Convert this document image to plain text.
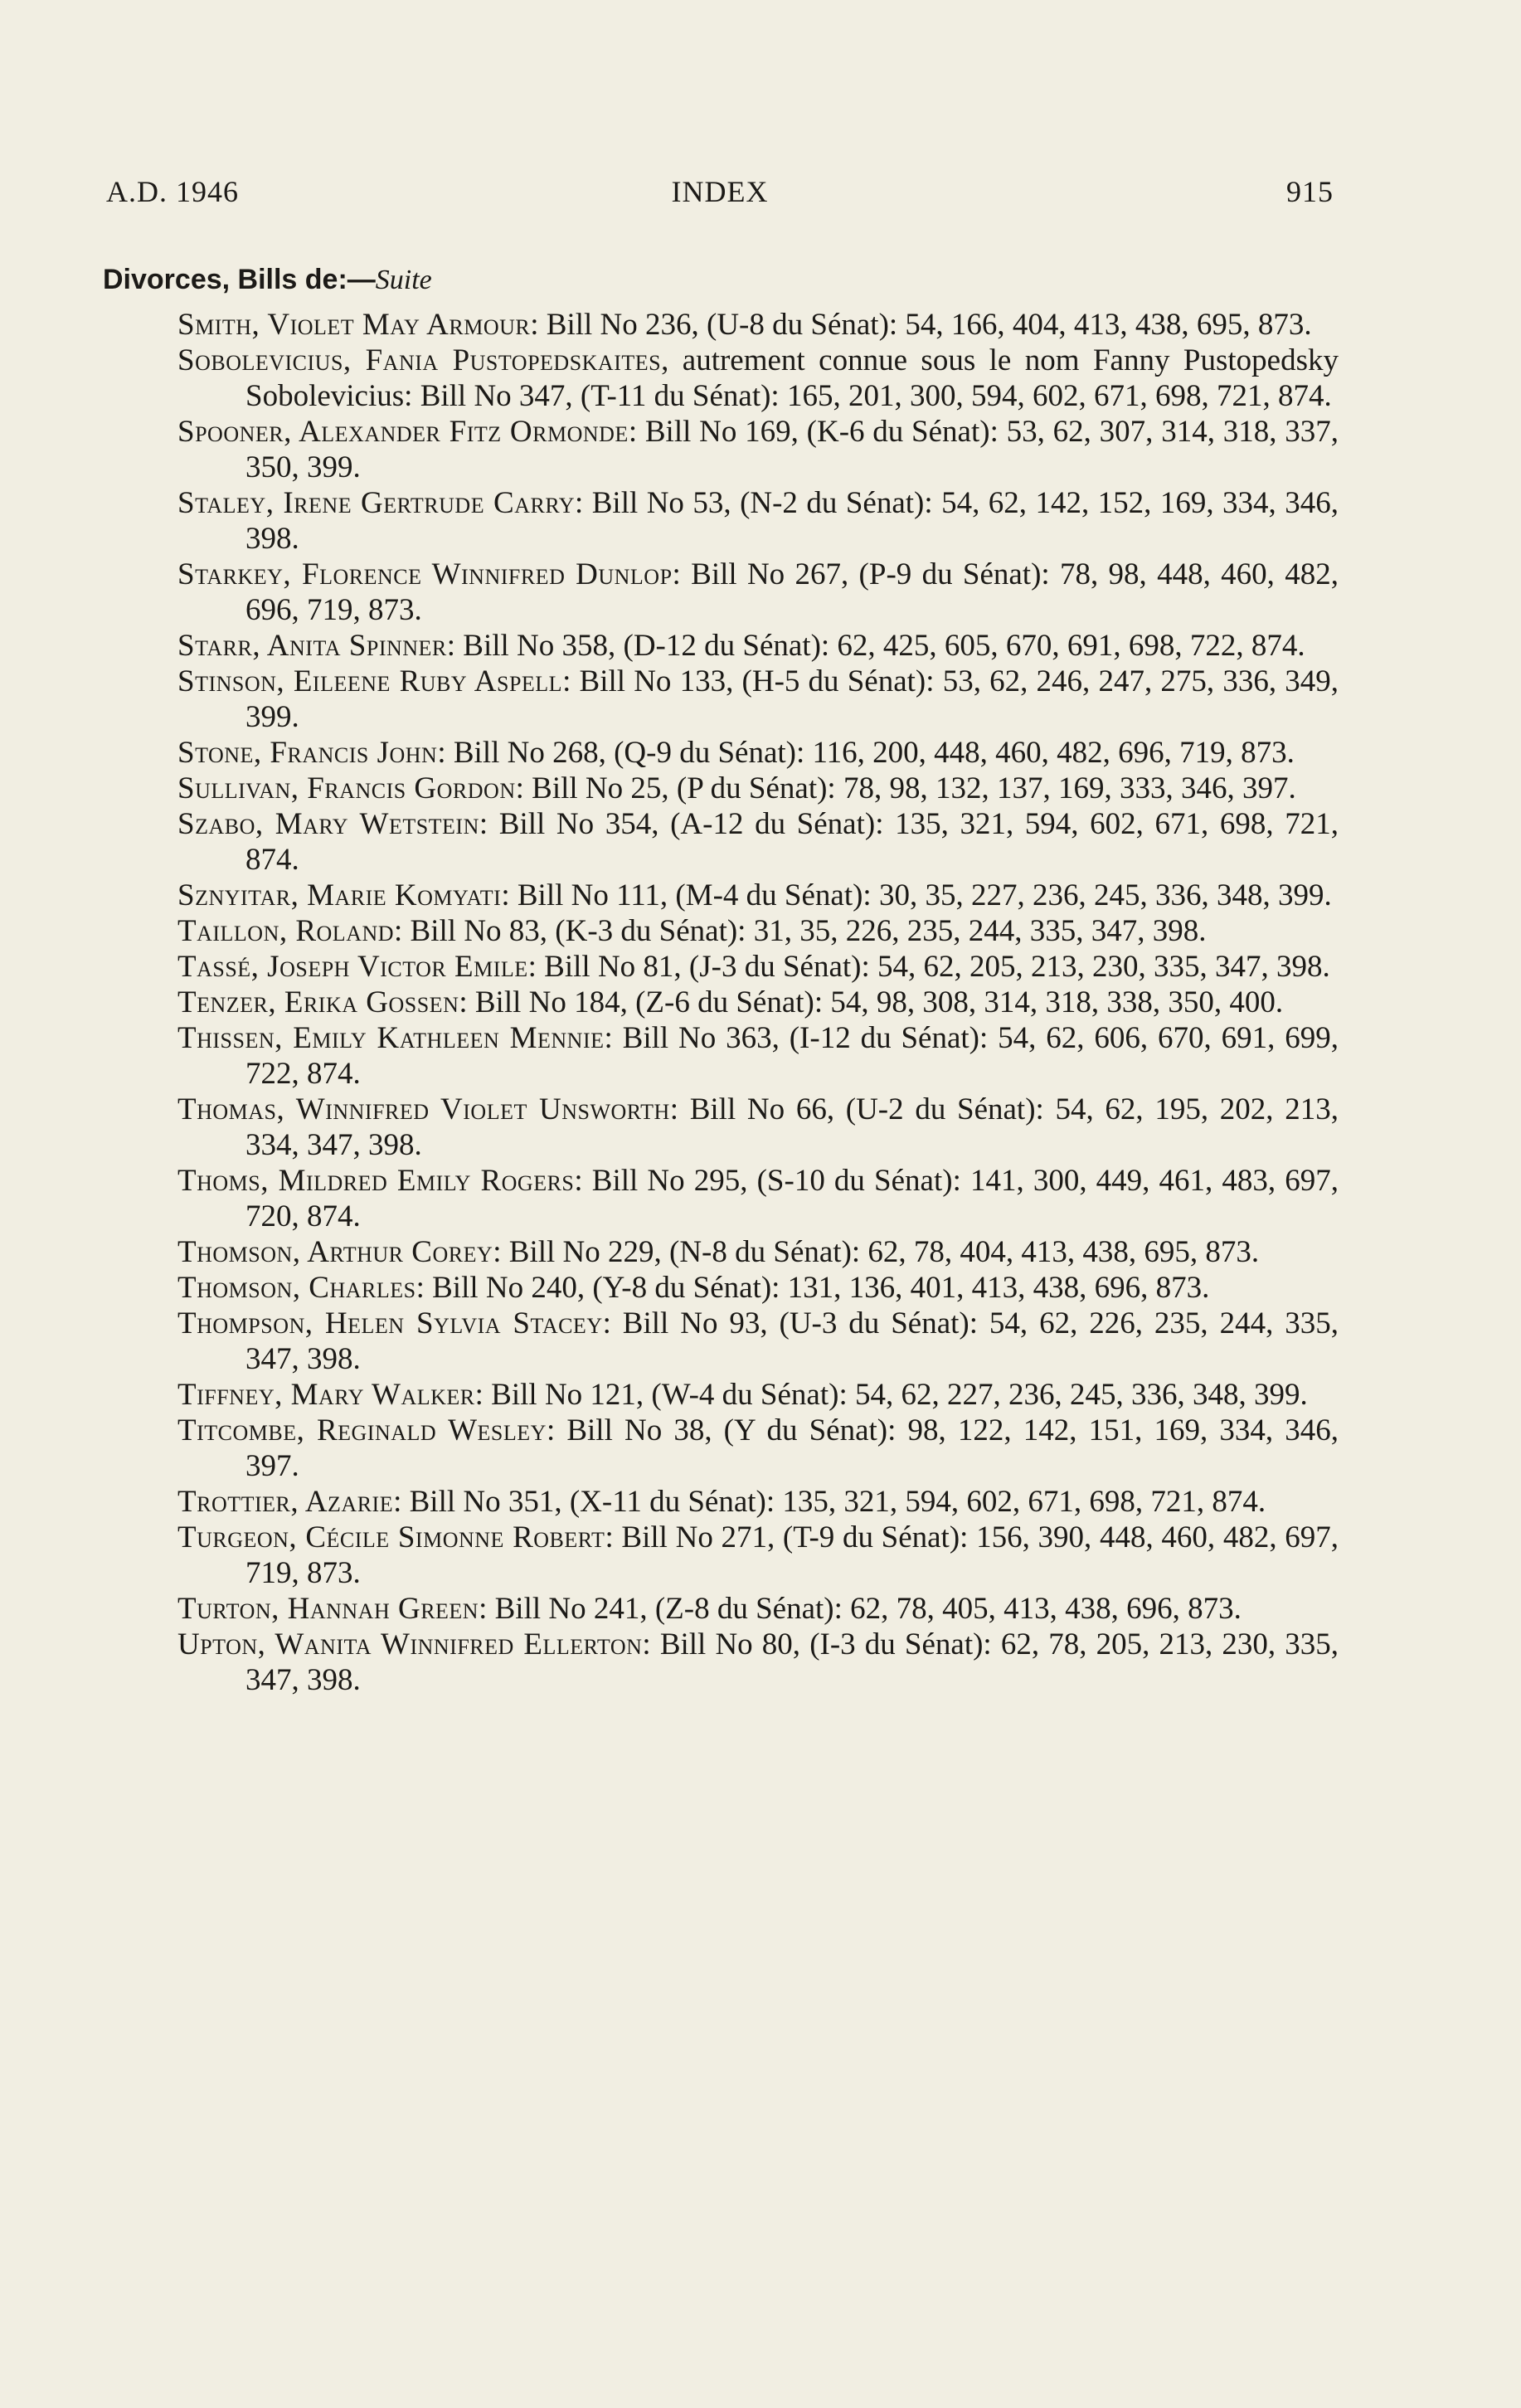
A.D. 1946	INDEX	915
Divorces, Bills de:—Suite
Smith, Violet May Armour: Bill No 236, (U-8 du Sénat): 54, 166, 404, 413, 438, 695, 873.
Sobolevicius, Fania Pustopedskaites, autrement connue sous le nom Fanny Pustopedsky Sobolevicius: Bill No 347, (T-11 du Sénat): 165, 201, 300, 594, 602, 671, 698, 721, 874.
Spooner, Alexander Fitz Ormonde: Bill No 169, (K-6 du Sénat): 53, 62, 307, 314, 318, 337, 350, 399.
Staley, Irene Gertrude Carry: Bill No 53, (N-2 du Sénat): 54, 62, 142, 152, 169, 334, 346, 398.
Starkey, Florence Winnifred Dunlop: Bill No 267, (P-9 du Sénat): 78, 98, 448, 460, 482, 696, 719, 873.
Starr, Anita Spinner: Bill No 358, (D-12 du Sénat): 62, 425, 605, 670, 691, 698, 722, 874.
Stinson, Eileene Ruby Aspell: Bill No 133, (H-5 du Sénat): 53, 62, 246, 247, 275, 336, 349, 399.
Stone, Francis John: Bill No 268, (Q-9 du Sénat): 116, 200, 448, 460, 482, 696, 719, 873.
Sullivan, Francis Gordon: Bill No 25, (P du Sénat): 78, 98, 132, 137, 169, 333, 346, 397.
Szabo, Mary Wetstein: Bill No 354, (A-12 du Sénat): 135, 321, 594, 602, 671, 698, 721, 874.
Sznyitar, Marie Komyati: Bill No 111, (M-4 du Sénat): 30, 35, 227, 236, 245, 336, 348, 399.
Taillon, Roland: Bill No 83, (K-3 du Sénat): 31, 35, 226, 235, 244, 335, 347, 398.
Tassé, Joseph Victor Emile: Bill No 81, (J-3 du Sénat): 54, 62, 205, 213, 230, 335, 347, 398.
Tenzer, Erika Gossen: Bill No 184, (Z-6 du Sénat): 54, 98, 308, 314, 318, 338, 350, 400.
Thissen, Emily Kathleen Mennie: Bill No 363, (I-12 du Sénat): 54, 62, 606, 670, 691, 699, 722, 874.
Thomas, Winnifred Violet Unsworth: Bill No 66, (U-2 du Sénat): 54, 62, 195, 202, 213, 334, 347, 398.
Thoms, Mildred Emily Rogers: Bill No 295, (S-10 du Sénat): 141, 300, 449, 461, 483, 697, 720, 874.
Thomson, Arthur Corey: Bill No 229, (N-8 du Sénat): 62, 78, 404, 413, 438, 695, 873.
Thomson, Charles: Bill No 240, (Y-8 du Sénat): 131, 136, 401, 413, 438, 696, 873.
Thompson, Helen Sylvia Stacey: Bill No 93, (U-3 du Sénat): 54, 62, 226, 235, 244, 335, 347, 398.
Tiffney, Mary Walker: Bill No 121, (W-4 du Sénat): 54, 62, 227, 236, 245, 336, 348, 399.
Titcombe, Reginald Wesley: Bill No 38, (Y du Sénat): 98, 122, 142, 151, 169, 334, 346, 397.
Trottier, Azarie: Bill No 351, (X-11 du Sénat): 135, 321, 594, 602, 671, 698, 721, 874.
Turgeon, Cécile Simonne Robert: Bill No 271, (T-9 du Sénat): 156, 390, 448, 460, 482, 697, 719, 873.
Turton, Hannah Green: Bill No 241, (Z-8 du Sénat): 62, 78, 405, 413, 438, 696, 873.
Upton, Wanita Winnifred Ellerton: Bill No 80, (I-3 du Sénat): 62, 78, 205, 213, 230, 335, 347, 398.
